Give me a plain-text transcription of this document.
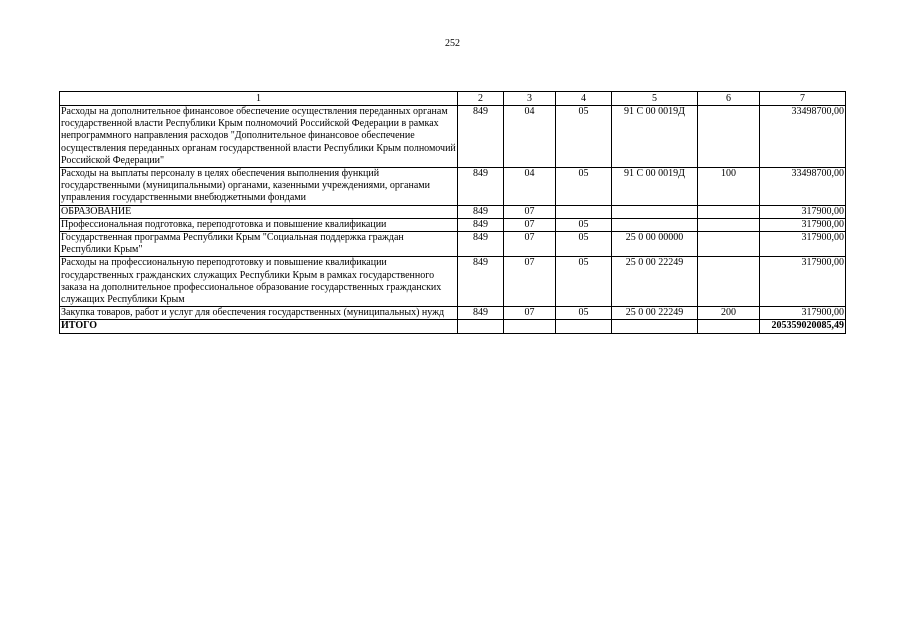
252
1	2	3	4	5	6	7
Расходы на дополнительное финансовое обеспечение осуществления переданных органам государственной власти Республики Крым полномочий Российской Федерации в рамках непрограммного направления расходов "Дополнительное финансовое обеспечение осуществления переданных органам государственной власти Республики Крым полномочий Российской Федерации"	849	04	05	91 С 00 0019Д		33498700,00
Расходы на выплаты персоналу в целях обеспечения выполнения функций государственными (муниципальными) органами, казенными учреждениями, органами управления государственными внебюджетными фондами	849	04	05	91 С 00 0019Д	100	33498700,00
ОБРАЗОВАНИЕ	849	07				317900,00
Профессиональная подготовка, переподготовка и повышение квалификации	849	07	05			317900,00
Государственная программа Республики Крым "Социальная поддержка граждан Республики Крым"	849	07	05	25 0 00 00000		317900,00
Расходы на профессиональную переподготовку и повышение квалификации государственных гражданских служащих Республики Крым в рамках государственного заказа на дополнительное профессиональное образование государственных гражданских служащих Республики Крым	849	07	05	25 0 00 22249		317900,00
Закупка товаров, работ и услуг для обеспечения государственных (муниципальных) нужд	849	07	05	25 0 00 22249	200	317900,00
ИТОГО						205359020085,49
